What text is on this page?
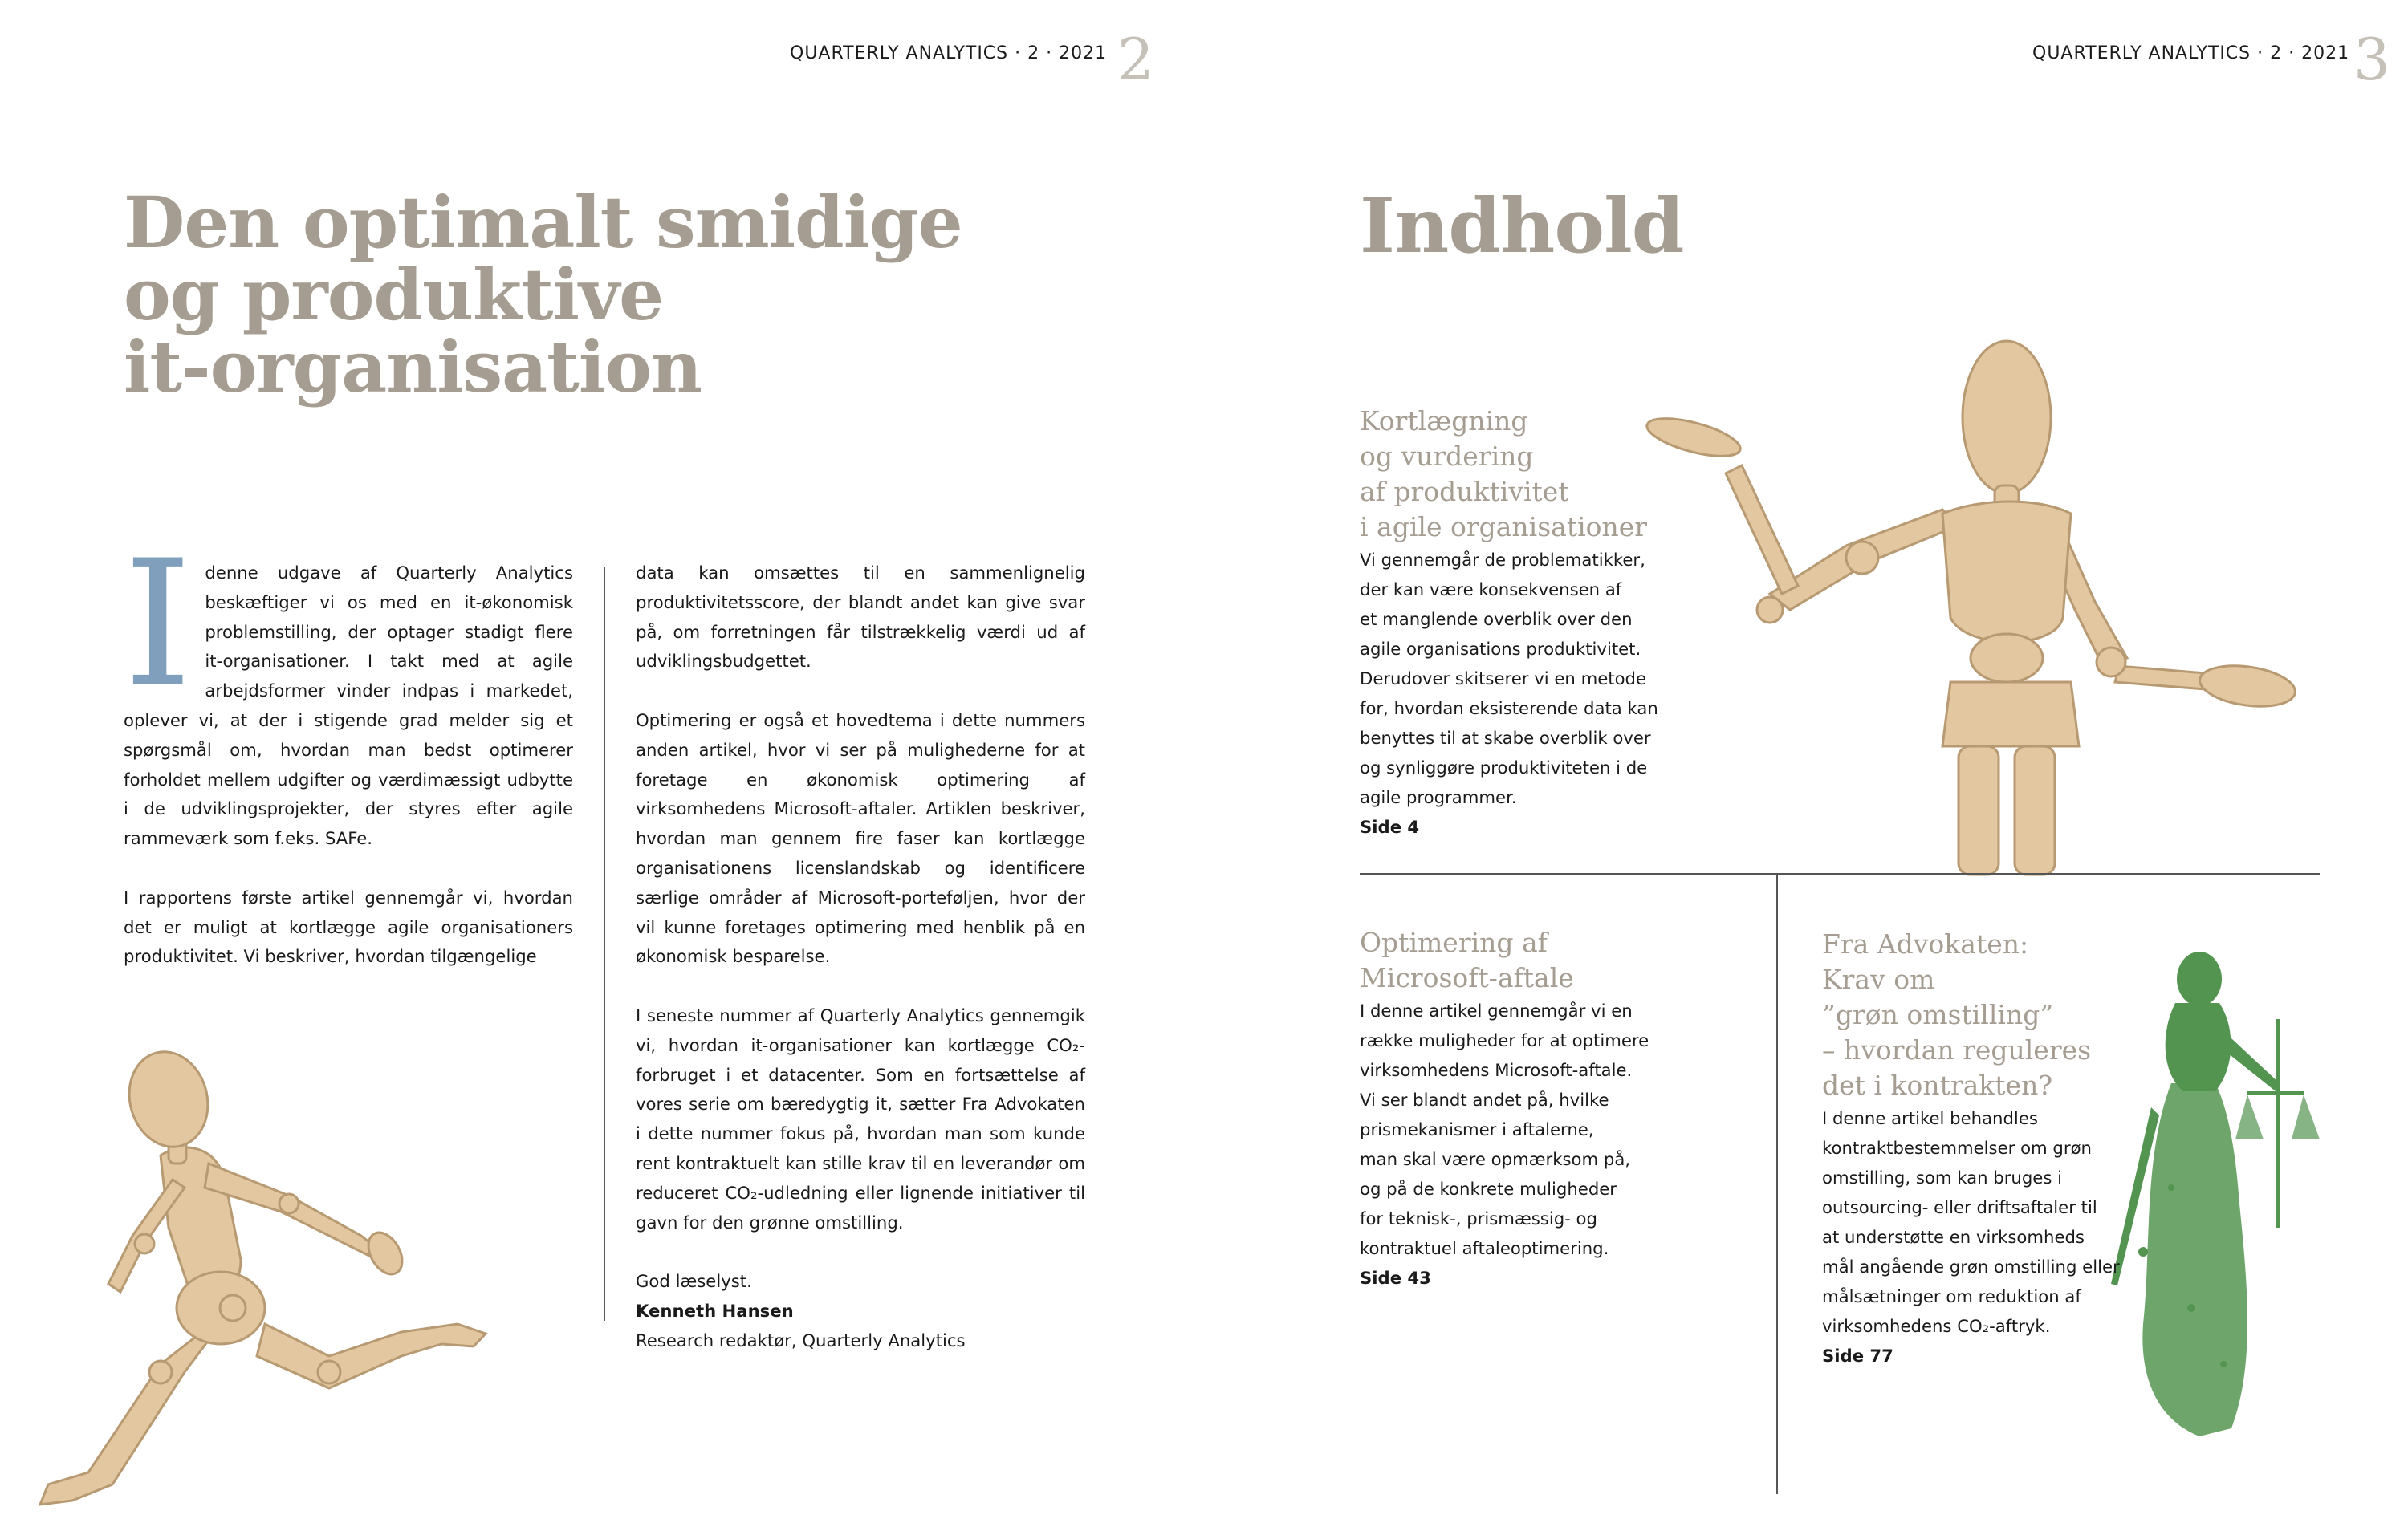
QUARTERLY ANALYTICS · 2 · 2021 2
Den optimalt smidige
og produktive
it-organisation

Idenne udgave af Quarterly Analytics beskæftiger vi os med en it-økonomisk problemstilling, der optager stadigt flere it-organisationer. I takt med at agile arbejdsformer vinder indpas i markedet, oplever vi, at der i stigende grad melder sig et spørgsmål om, hvordan man bedst optimerer forholdet mellem udgifter og værdimæssigt udbytte i de udviklingsprojekter, der styres efter agile rammeværk som f.eks. SAFe.

I rapportens første artikel gennemgår vi, hvordan det er muligt at kortlægge agile organisationers produktivitet. Vi beskriver, hvordan tilgængelige

data kan omsættes til en sammenlignelig produktivitetsscore, der blandt andet kan give svar på, om forretningen får tilstrækkelig værdi ud af udviklingsbudgettet.

Optimering er også et hovedtema i dette nummers anden artikel, hvor vi ser på mulighederne for at foretage en økonomisk optimering af virksomhedens Microsoft-aftaler. Artiklen beskriver, hvordan man gennem fire faser kan kortlægge organisationens licenslandskab og identificere særlige områder af Microsoft-porteføljen, hvor der vil kunne foretages optimering med henblik på en økonomisk besparelse.

I seneste nummer af Quarterly Analytics gennemgik vi, hvordan it-organisationer kan kortlægge CO₂-forbruget i et datacenter. Som en fortsættelse af vores serie om bæredygtig it, sætter Fra Advokaten i dette nummer fokus på, hvordan man som kunde rent kontraktuelt kan stille krav til en leverandør om reduceret CO₂-udledning eller lignende initiativer til gavn for den grønne omstilling.

God læselyst.

Kenneth Hansen

Research redaktør, Quarterly Analytics

QUARTERLY ANALYTICS · 2 · 2021 3
Indhold
Kortlægning
og vurdering
af produktivitet
i agile organisationer
Vi gennemgår de problematikker,
der kan være konsekvensen af
et manglende overblik over den
agile organisations produktivitet.
Derudover skitserer vi en metode
for, hvordan eksisterende data kan
benyttes til at skabe overblik over
og synliggøre produktiviteten i de
agile programmer.
Side 4
Optimering af
Microsoft-aftale
I denne artikel gennemgår vi en
række muligheder for at optimere
virksomhedens Microsoft-aftale.
Vi ser blandt andet på, hvilke
prismekanismer i aftalerne,
man skal være opmærksom på,
og på de konkrete muligheder
for teknisk-, prismæssig- og
kontraktuel aftaleoptimering.
Side 43
Fra Advokaten:
Krav om
”grøn omstilling”
– hvordan reguleres
det i kontrakten?
I denne artikel behandles
kontraktbestemmelser om grøn
omstilling, som kan bruges i
outsourcing- eller driftsaftaler til
at understøtte en virksomheds
mål angående grøn omstilling eller
målsætninger om reduktion af
virksomhedens CO₂-aftryk.
Side 77
